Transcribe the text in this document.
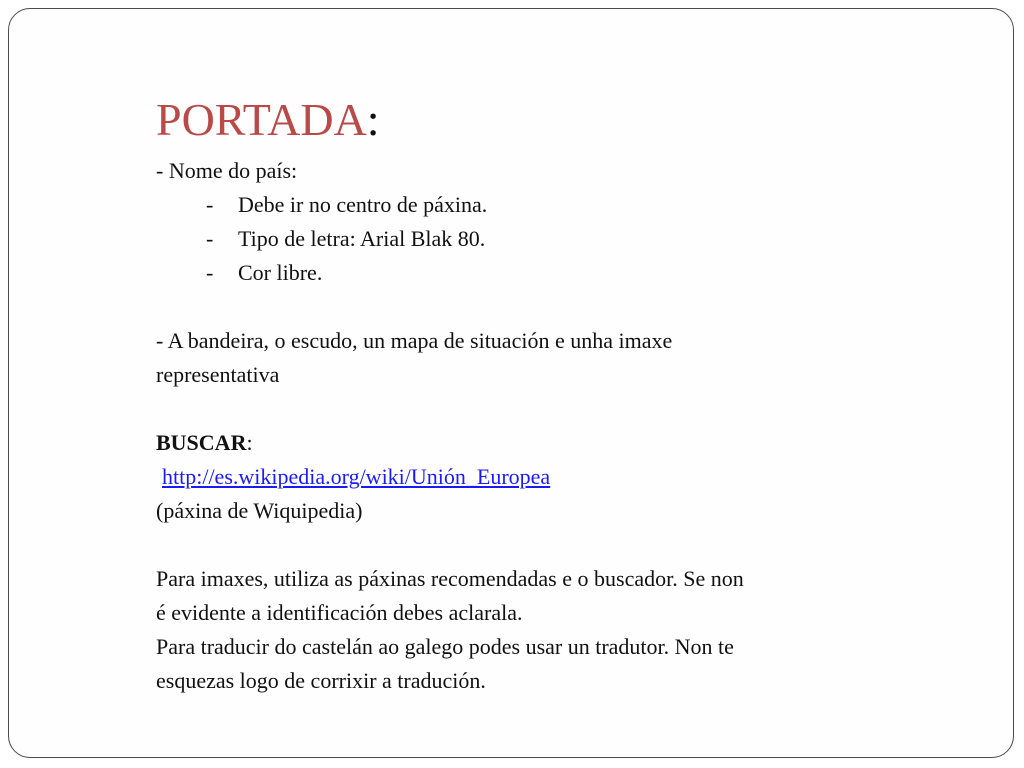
PORTADA:

- Nome do país:

-	Debe ir no centro de páxina.

-	Tipo de letra: Arial Blak 80.

-	Cor libre.

- A bandeira, o escudo, un mapa de situación e unha imaxe

representativa

BUSCAR:

http://es.wikipedia.org/wiki/Unión_Europea

(páxina de Wiquipedia)

Para imaxes, utiliza as páxinas recomendadas e o buscador. Se non

é evidente a identificación debes aclarala.

Para traducir do castelán ao galego podes usar un tradutor. Non te

esquezas logo de corrixir a tradución.
